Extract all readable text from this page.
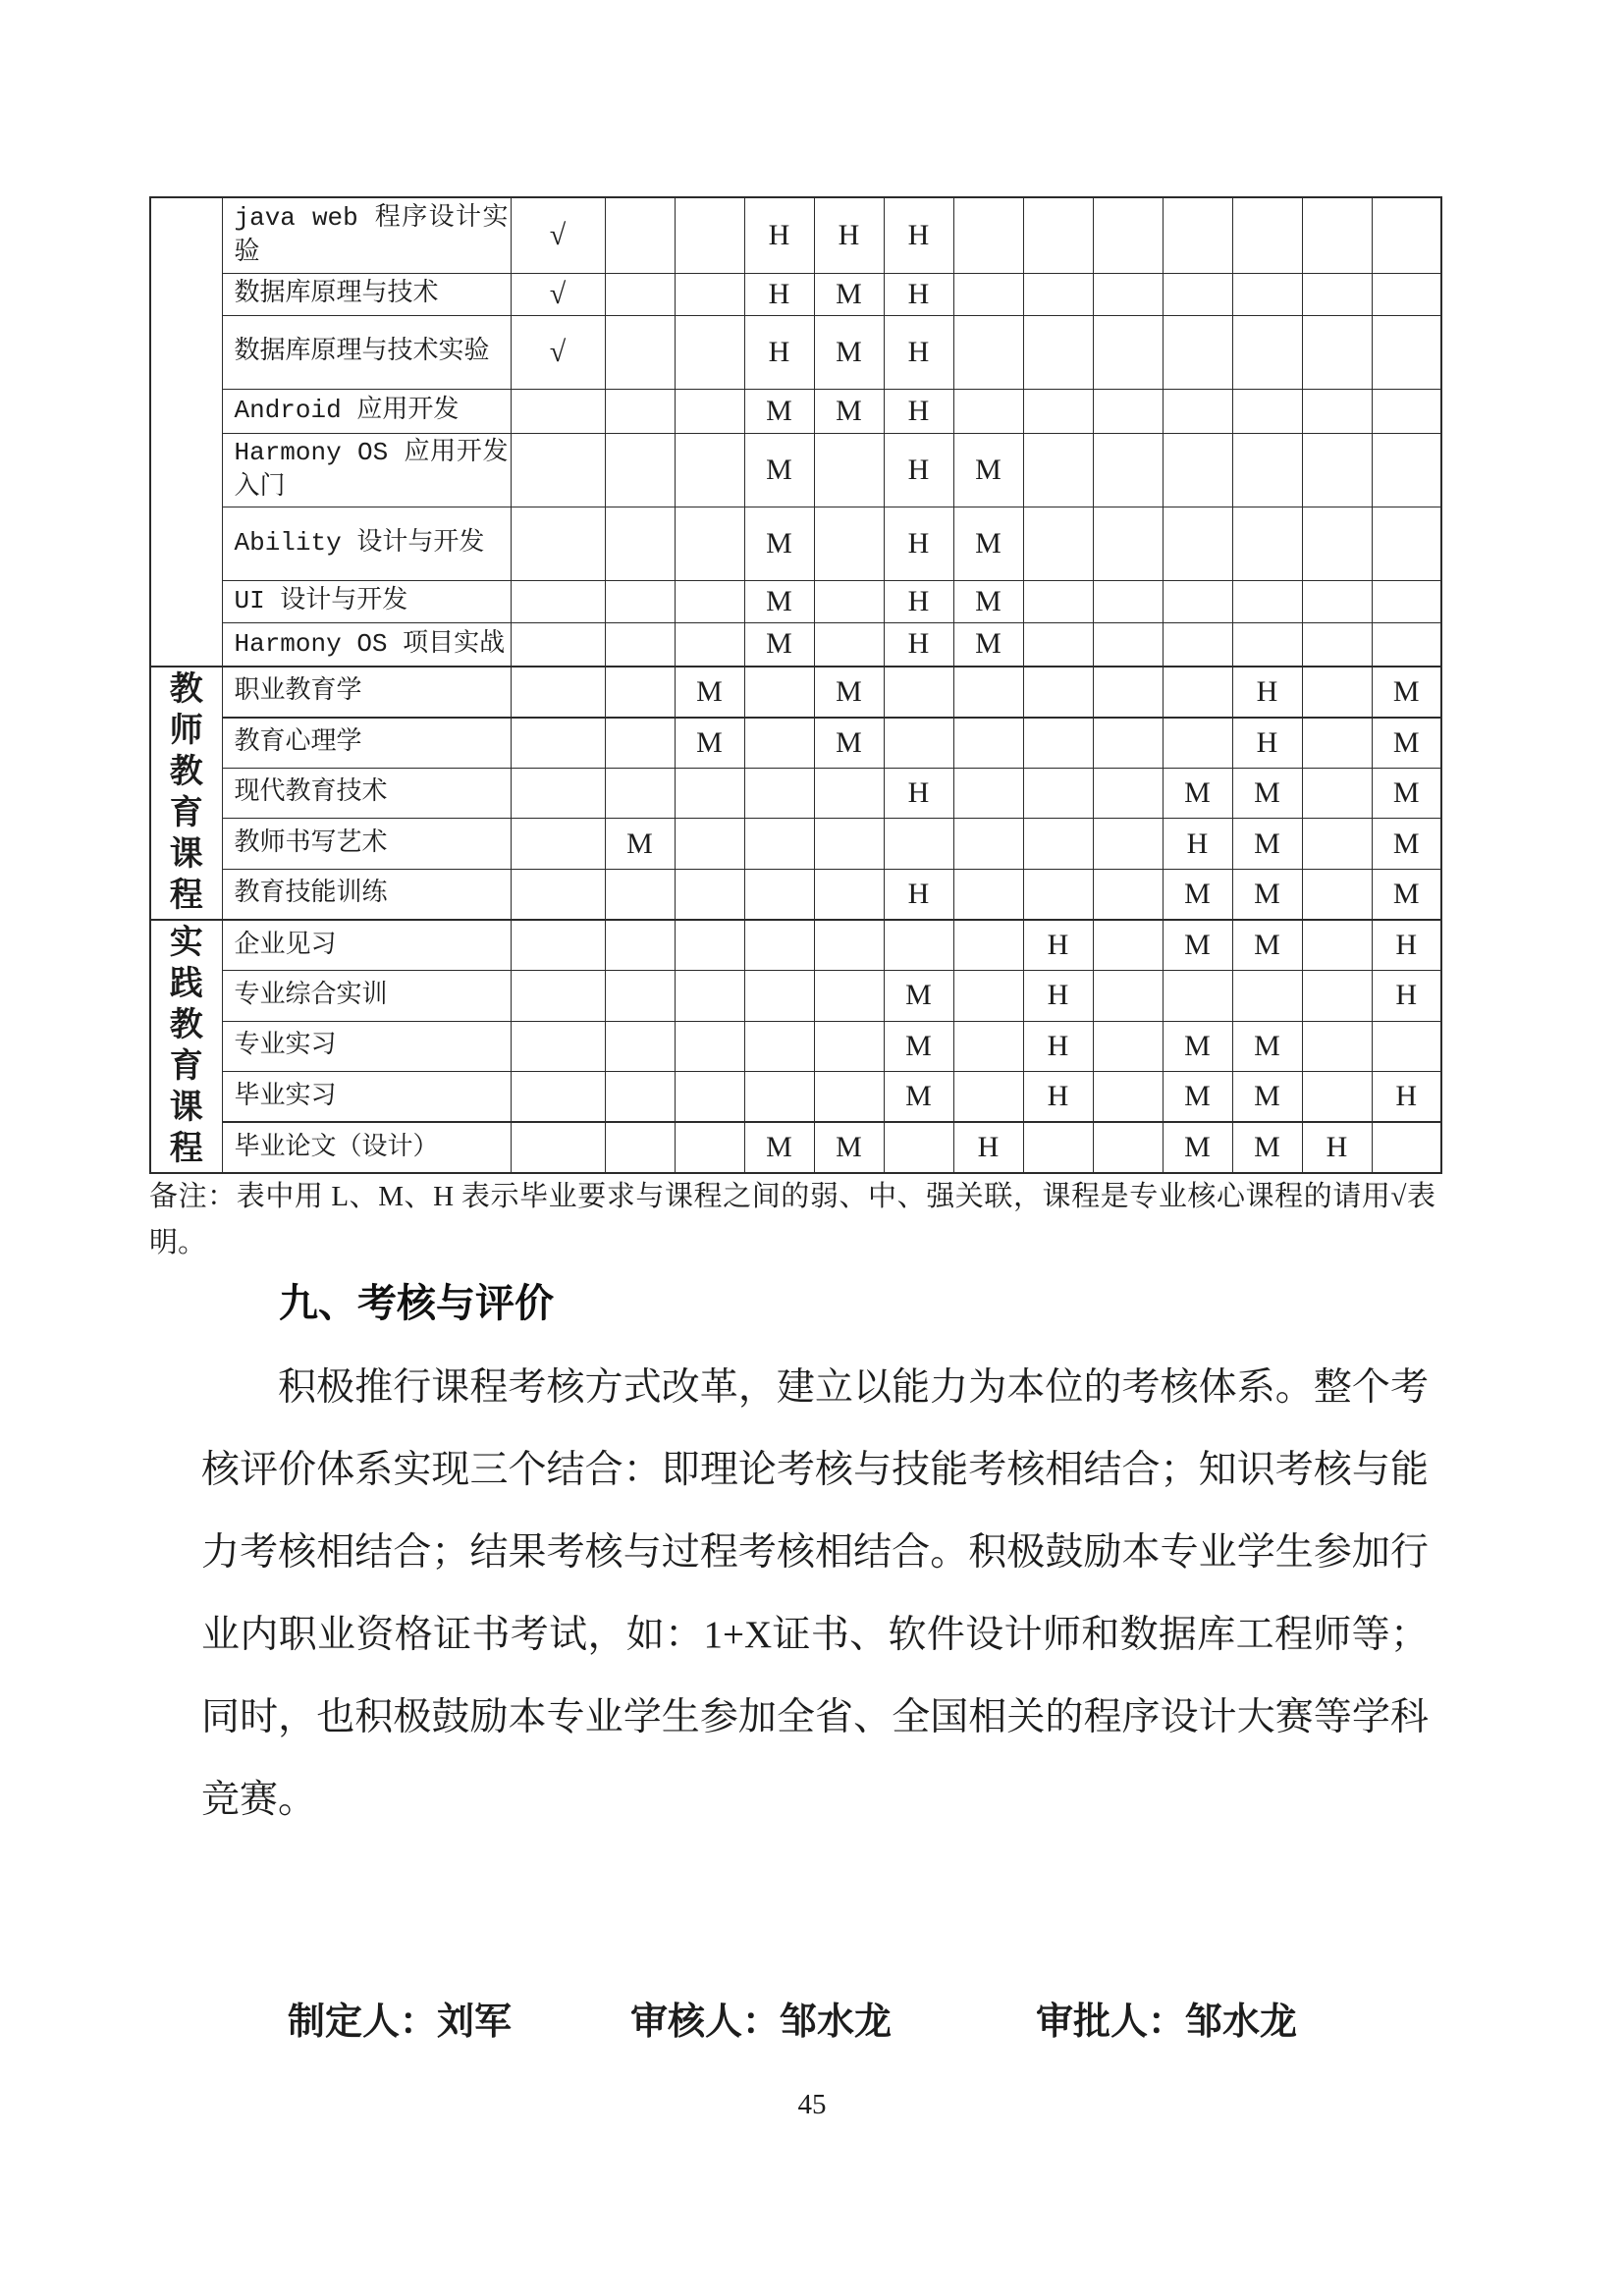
	java web 程序设计实验	√			H	H	H							
	数据库原理与技术	√			H	M	H							
	数据库原理与技术实验	√			H	M	H							
	Android 应用开发				M	M	H							
	Harmony OS 应用开发入门				M		H	M						
	Ability 设计与开发				M		H	M						
	UI 设计与开发				M		H	M						
	Harmony OS 项目实战				M		H	M						

教
师
教
育
课
程
	职业教育学			M		M						H		M
	教育心理学			M		M						H		M
	现代教育技术						H				M	M		M
	教师书写艺术		M								H	M		M
	教育技能训练						H				M	M		M

实
践
教
育
课
程
	企业见习								H		M	M		H
	专业综合实训						M		H					H
	专业实习						M		H		M	M		
	毕业实习						M		H		M	M		H
	毕业论文（设计）				M	M		H			M	M	H	
备注：表中用 L、M、H 表示毕业要求与课程之间的弱、中、强关联，课程是专业核心课程的请用√表明。
九、考核与评价

积极推行课程考核方式改革，建立以能力为本位的考核体系。整个考核评价体系实现三个结合：即理论考核与技能考核相结合；知识考核与能力考核相结合；结果考核与过程考核相结合。积极鼓励本专业学生参加行业内职业资格证书考试，如：1+X证书、软件设计师和数据库工程师等；同时，也积极鼓励本专业学生参加全省、全国相关的程序设计大赛等学科竞赛。

制定人：刘军	审核人：邹水龙	审批人：邹水龙
45
